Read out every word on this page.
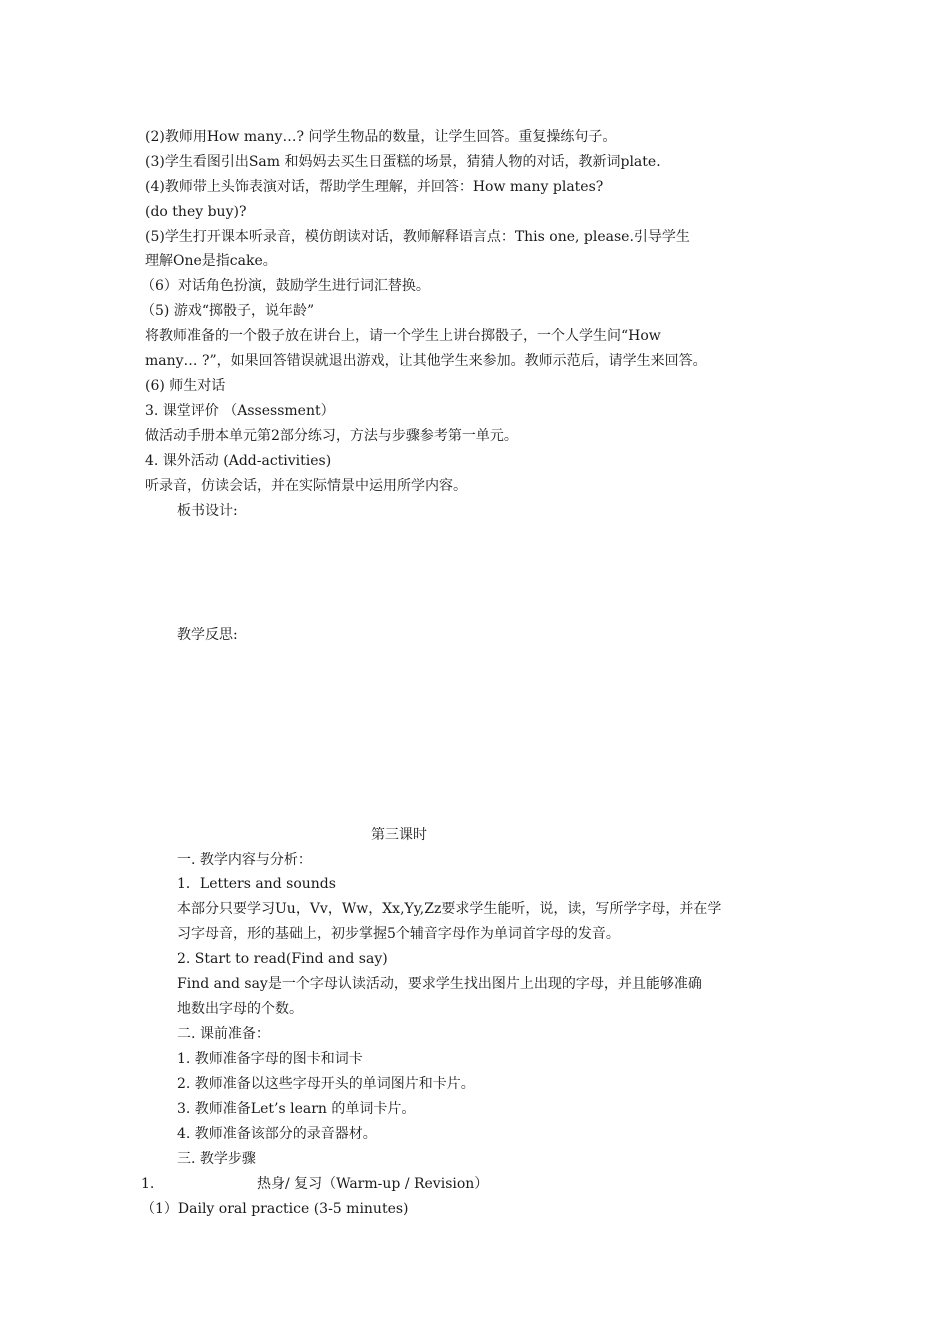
(2)教师用How many…? 问学生物品的数量，让学生回答。重复操练句子。
(3)学生看图引出Sam 和妈妈去买生日蛋糕的场景，猜猜人物的对话，教新词plate.
(4)教师带上头饰表演对话，帮助学生理解，并回答：How many plates?
(do they buy)?
(5)学生打开课本听录音，模仿朗读对话，教师解释语言点：This one, please.引导学生
理解One是指cake。
（6）对话角色扮演，鼓励学生进行词汇替换。
（5) 游戏“掷骰子，说年龄”
将教师准备的一个骰子放在讲台上，请一个学生上讲台掷骰子，一个人学生问“How
many… ?”，如果回答错误就退出游戏，让其他学生来参加。教师示范后，请学生来回答。
(6) 师生对话
3. 课堂评价 （Assessment）
做活动手册本单元第2部分练习，方法与步骤参考第一单元。
4. 课外活动 (Add-activities)
听录音，仿读会话，并在实际情景中运用所学内容。
板书设计:
教学反思:
第三课时
一. 教学内容与分析：
1．Letters and sounds
本部分只要学习Uu，Vv，Ww，Xx,Yy,Zz要求学生能听，说，读，写所学字母，并在学
习字母音，形的基础上，初步掌握5个辅音字母作为单词首字母的发音。
2. Start to read(Find and say)
Find and say是一个字母认读活动，要求学生找出图片上出现的字母，并且能够准确
地数出字母的个数。
二. 课前准备：
1. 教师准备字母的图卡和词卡
2. 教师准备以这些字母开头的单词图片和卡片。
3. 教师准备Let’s learn 的单词卡片。
4. 教师准备该部分的录音器材。
三. 教学步骤
1.	热身/ 复习（Warm-up / Revision）
（1）Daily oral practice (3-5 minutes)
